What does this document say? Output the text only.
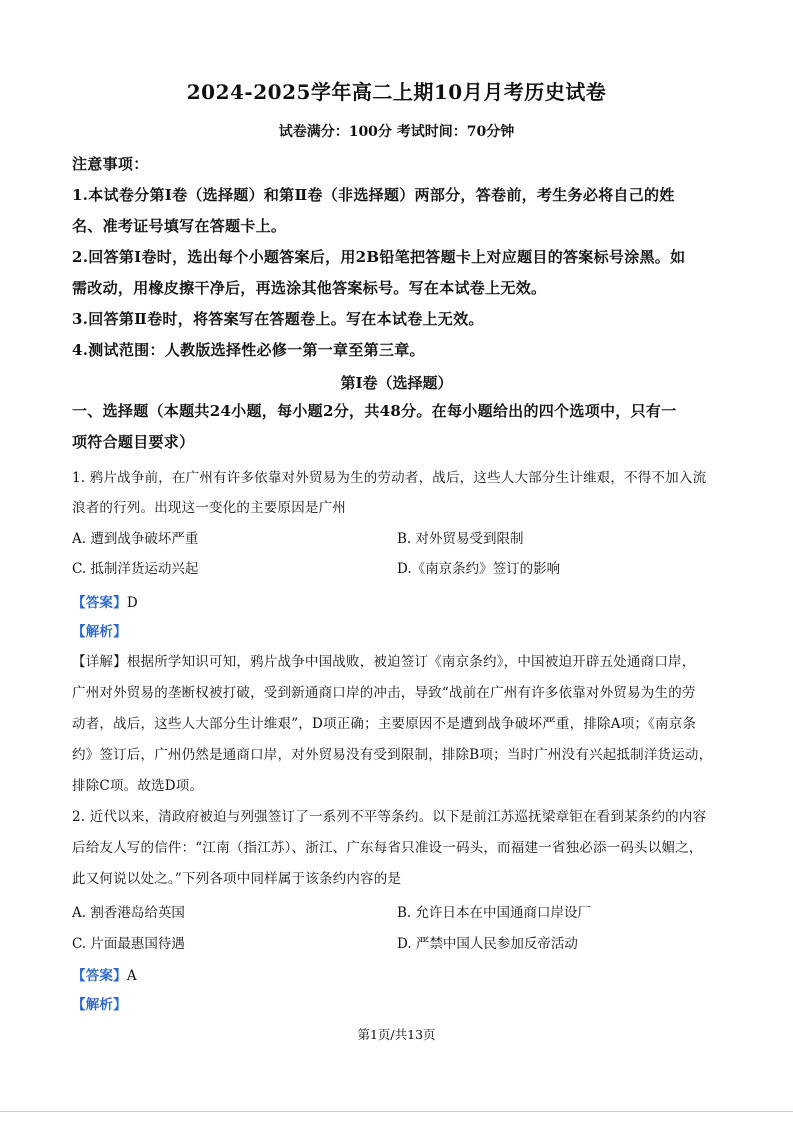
2024-2025学年高二上期10月月考历史试卷
试卷满分：100分 考试时间：70分钟
注意事项：
1.本试卷分第Ⅰ卷（选择题）和第Ⅱ卷（非选择题）两部分，答卷前，考生务必将自己的姓
名、准考证号填写在答题卡上。
2.回答第Ⅰ卷时，选出每个小题答案后，用2B铅笔把答题卡上对应题目的答案标号涂黑。如
需改动，用橡皮擦干净后，再选涂其他答案标号。写在本试卷上无效。
3.回答第Ⅱ卷时，将答案写在答题卷上。写在本试卷上无效。
4.测试范围：人教版选择性必修一第一章至第三章。
第Ⅰ卷（选择题）
一、选择题（本题共24小题，每小题2分，共48分。在每小题给出的四个选项中，只有一
项符合题目要求）
1. 鸦片战争前，在广州有许多依靠对外贸易为生的劳动者，战后，这些人大部分生计维艰，不得不加入流
浪者的行列。出现这一变化的主要原因是广州
A. 遭到战争破坏严重	B. 对外贸易受到限制
C. 抵制洋货运动兴起	D.《南京条约》签订的影响
【答案】D
【解析】
【详解】根据所学知识可知，鸦片战争中国战败，被迫签订《南京条约》，中国被迫开辟五处通商口岸，
广州对外贸易的垄断权被打破，受到新通商口岸的冲击，导致“战前在广州有许多依靠对外贸易为生的劳
动者，战后，这些人大部分生计维艰”，D项正确；主要原因不是遭到战争破坏严重，排除A项；《南京条
约》签订后，广州仍然是通商口岸，对外贸易没有受到限制，排除B项；当时广州没有兴起抵制洋货运动，
排除C项。故选D项。
2. 近代以来，清政府被迫与列强签订了一系列不平等条约。以下是前江苏巡抚梁章钜在看到某条约的内容
后给友人写的信件：“江南（指江苏）、浙江、广东每省只准设一码头，而福建一省独必添一码头以媚之，
此又何说以处之。”下列各项中同样属于该条约内容的是
A. 割香港岛给英国	B. 允许日本在中国通商口岸设厂
C. 片面最惠国待遇	D. 严禁中国人民参加反帝活动
【答案】A
【解析】
第1页/共13页
